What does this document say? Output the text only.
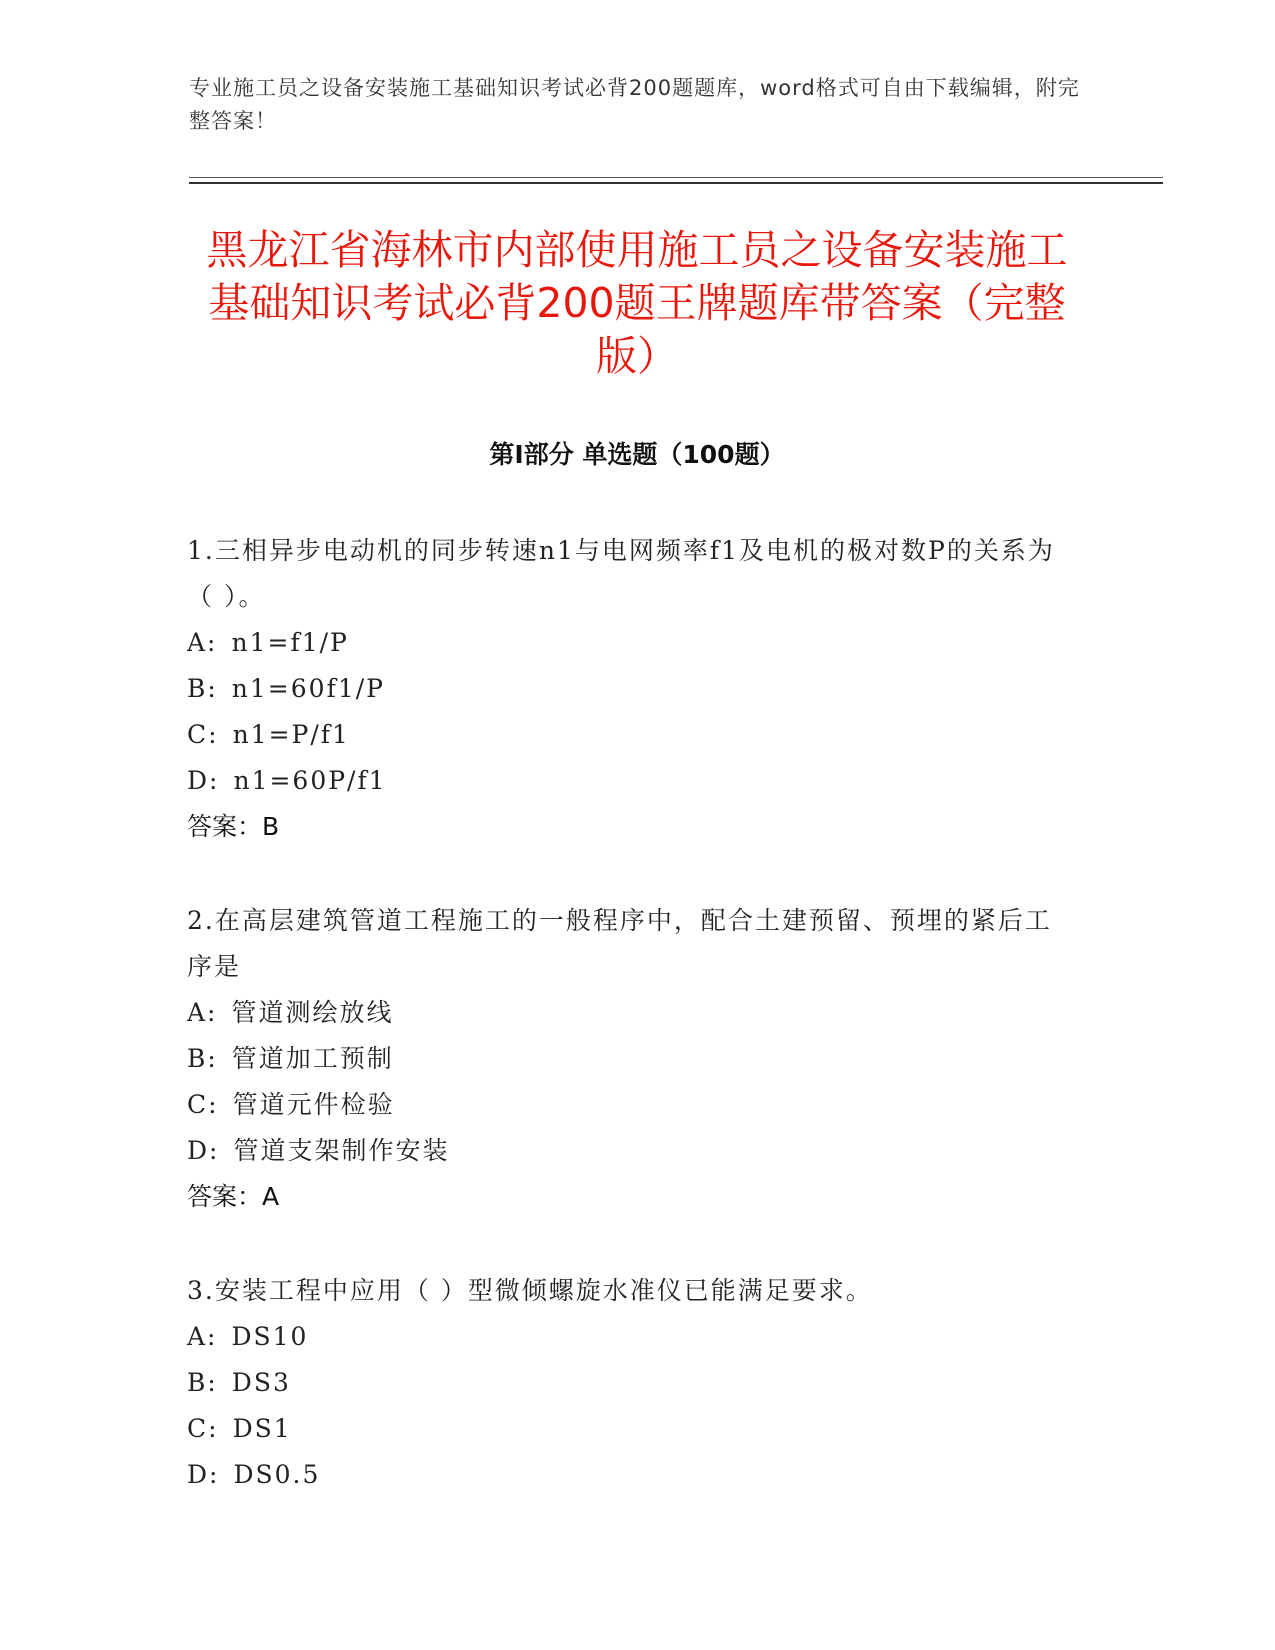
专业施工员之设备安装施工基础知识考试必背200题题库，word格式可自由下载编辑，附完整答案！
黑龙江省海林市内部使用施工员之设备安装施工基础知识考试必背200题王牌题库带答案（完整版）
第I部分 单选题（100题）

1.三相异步电动机的同步转速n1与电网频率f1及电机的极对数P的关系为（ ）。

A: n1=f1/P

B: n1=60f1/P

C: n1=P/f1

D: n1=60P/f1

答案：B

2.在高层建筑管道工程施工的一般程序中，配合土建预留、预埋的紧后工序是

A: 管道测绘放线

B: 管道加工预制

C: 管道元件检验

D: 管道支架制作安装

答案：A

3.安装工程中应用（ ）型微倾螺旋水准仪已能满足要求。

A: DS10

B: DS3

C: DS1

D: DS0.5
